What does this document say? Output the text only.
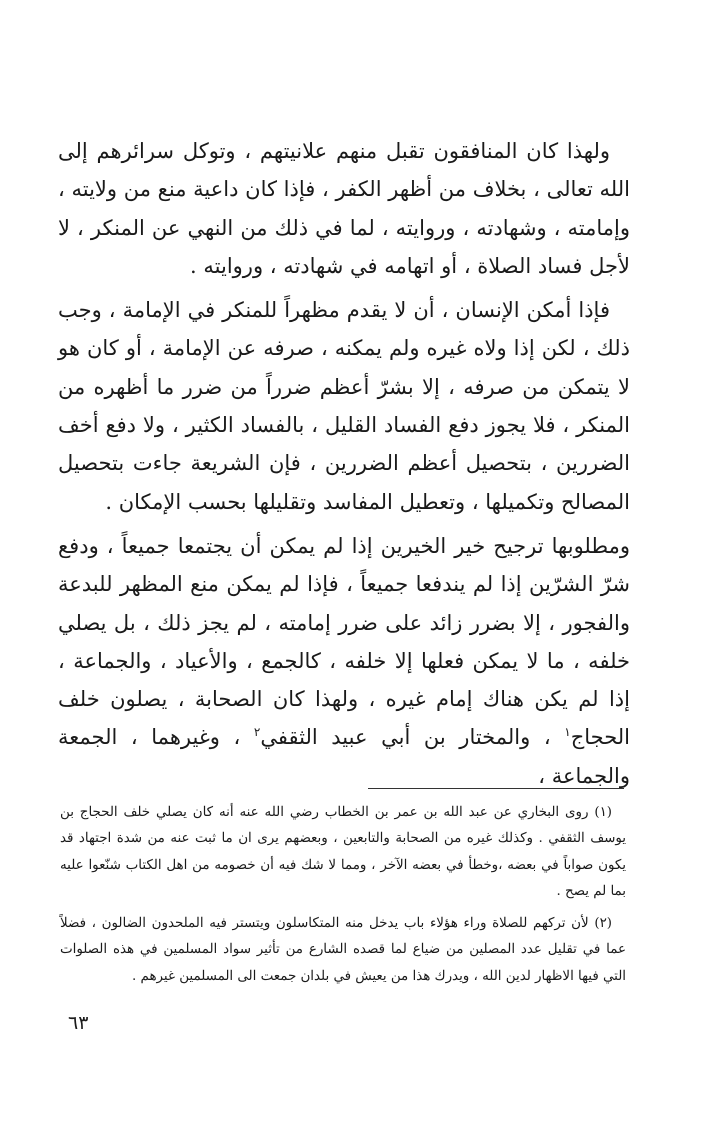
ولهذا كان المنافقون تقبل منهم علانيتهم ، وتوكل سرائرهم إلى الله تعالى ، بخلاف من أظهر الكفر ، فإذا كان داعية منع من ولايته ، وإمامته ، وشهادته ، وروايته ، لما في ذلك من النهي عن المنكر ، لا لأجل فساد الصلاة ، أو اتهامه في شهادته ، وروايته .

فإذا أمكن الإنسان ، أن لا يقدم مظهراً للمنكر في الإمامة ، وجب ذلك ، لكن إذا ولاه غيره ولم يمكنه ، صرفه عن الإمامة ، أو كان هو لا يتمكن من صرفه ، إلا بشرّ أعظم ضرراً من ضرر ما أظهره من المنكر ، فلا يجوز دفع الفساد القليل ، بالفساد الكثير ، ولا دفع أخف الضررين ، بتحصيل أعظم الضررين ، فإن الشريعة جاءت بتحصيل المصالح وتكميلها ، وتعطيل المفاسد وتقليلها بحسب الإمكان .

ومطلوبها ترجيح خير الخيرين إذا لم يمكن أن يجتمعا جميعاً ، ودفع شرّ الشرّين إذا لم يندفعا جميعاً ، فإذا لم يمكن منع المظهر للبدعة والفجور ، إلا بضرر زائد على ضرر إمامته ، لم يجز ذلك ، بل يصلي خلفه ، ما لا يمكن فعلها إلا خلفه ، كالجمع ، والأعياد ، والجماعة ، إذا لم يكن هناك إمام غيره ، ولهذا كان الصحابة ، يصلون خلف الحجاج$^١$ ، والمختار بن أبي عبيد الثقفي$^٢$ ، وغيرهما ، الجمعة والجماعة ،

(١) روى البخاري عن عبد الله بن عمر بن الخطاب رضي الله عنه أنه كان يصلي خلف الحجاج بن يوسف الثقفي . وكذلك غيره من الصحابة والتابعين ، وبعضهم يرى ان ما ثبت عنه من شدة اجتهاد قد يكون صواباً في بعضه ،وخطأ في بعضه الآخر ، ومما لا شك فيه أن خصومه من اهل الكتاب شنّعوا عليه بما لم يصح .

(٢) لأن تركهم للصلاة وراء هؤلاء باب يدخل منه المتكاسلون ويتستر فيه الملحدون الضالون ، فضلاً عما في تقليل عدد المصلين من ضياع لما قصده الشارع من تأثير سواد المسلمين في هذه الصلوات التي فيها الاظهار لدين الله ، ويدرك هذا من يعيش في بلدان جمعت الى المسلمين غيرهم .

٦٣
